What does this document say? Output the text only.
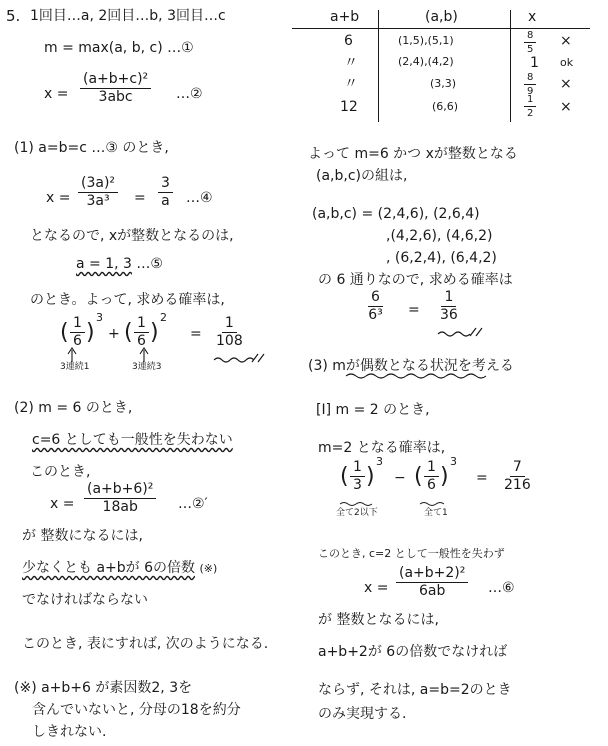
5. 1回目…a, 2回目…b, 3回目…c
m = max(a, b, c) …①
x =
(a+b+c)²
3abc	…②
a+b	(a,b)	x
6	(1,5),(5,1)	$\frac{8}{5}$ ×
〃	(2,4),(4,2)	1 ok
〃	(3,3)	$\frac{8}{9}$ ×
12	(6,6)	$\frac{1}{2}$ ×
(1) a=b=c …③ のとき,
$x = \frac{\text{(3a)²}}{\text{3a³}} = \frac{3}{a}$ …④
となるので, xが整数となるのは,
a = 1, 3 …⑤
のとき。よって, 求める確率は,
( $\frac{1}{6}$ )
3
+ ( $\frac{1}{6}$ )
2
= $\frac{1}{108}$
3連続1	3連続3
(2) m = 6 のとき,
c=6 としても一般性を失わない
このとき,
$x = \frac{\text{(a+b+6)²}}{18ab}$ …②′
が 整数になるには,
少なくとも a+bが 6の倍数 (※)
でなければならない
このとき, 表にすれば, 次のようになる.
(※) a+b+6 が素因数2, 3を
含んでいないと, 分母の18を約分
しきれない.
よって m=6 かつ xが整数となる
(a,b,c)の組は,
(a,b,c) = (2,4,6), (2,6,4)
,(4,2,6), (4,6,2)
, (6,2,4), (6,4,2)
の 6 通りなので, 求める確率は
$\frac{6}{\text{6³}} = \frac{1}{36}$
(3) mが偶数となる状況を考える
[Ⅰ] m = 2 のとき,
m=2 となる確率は,
( $\frac{1}{3}$ )
3
− ( $\frac{1}{6}$ )
3
= $\frac{7}{216}$
全て2以下	全て1
このとき, c=2 として一般性を失わず
$x = \frac{\text{(a+b+2)²}}{6ab}$ …⑥
が 整数となるには,
a+b+2が 6の倍数でなければ
ならず, それは, a=b=2のとき
のみ実現する.
